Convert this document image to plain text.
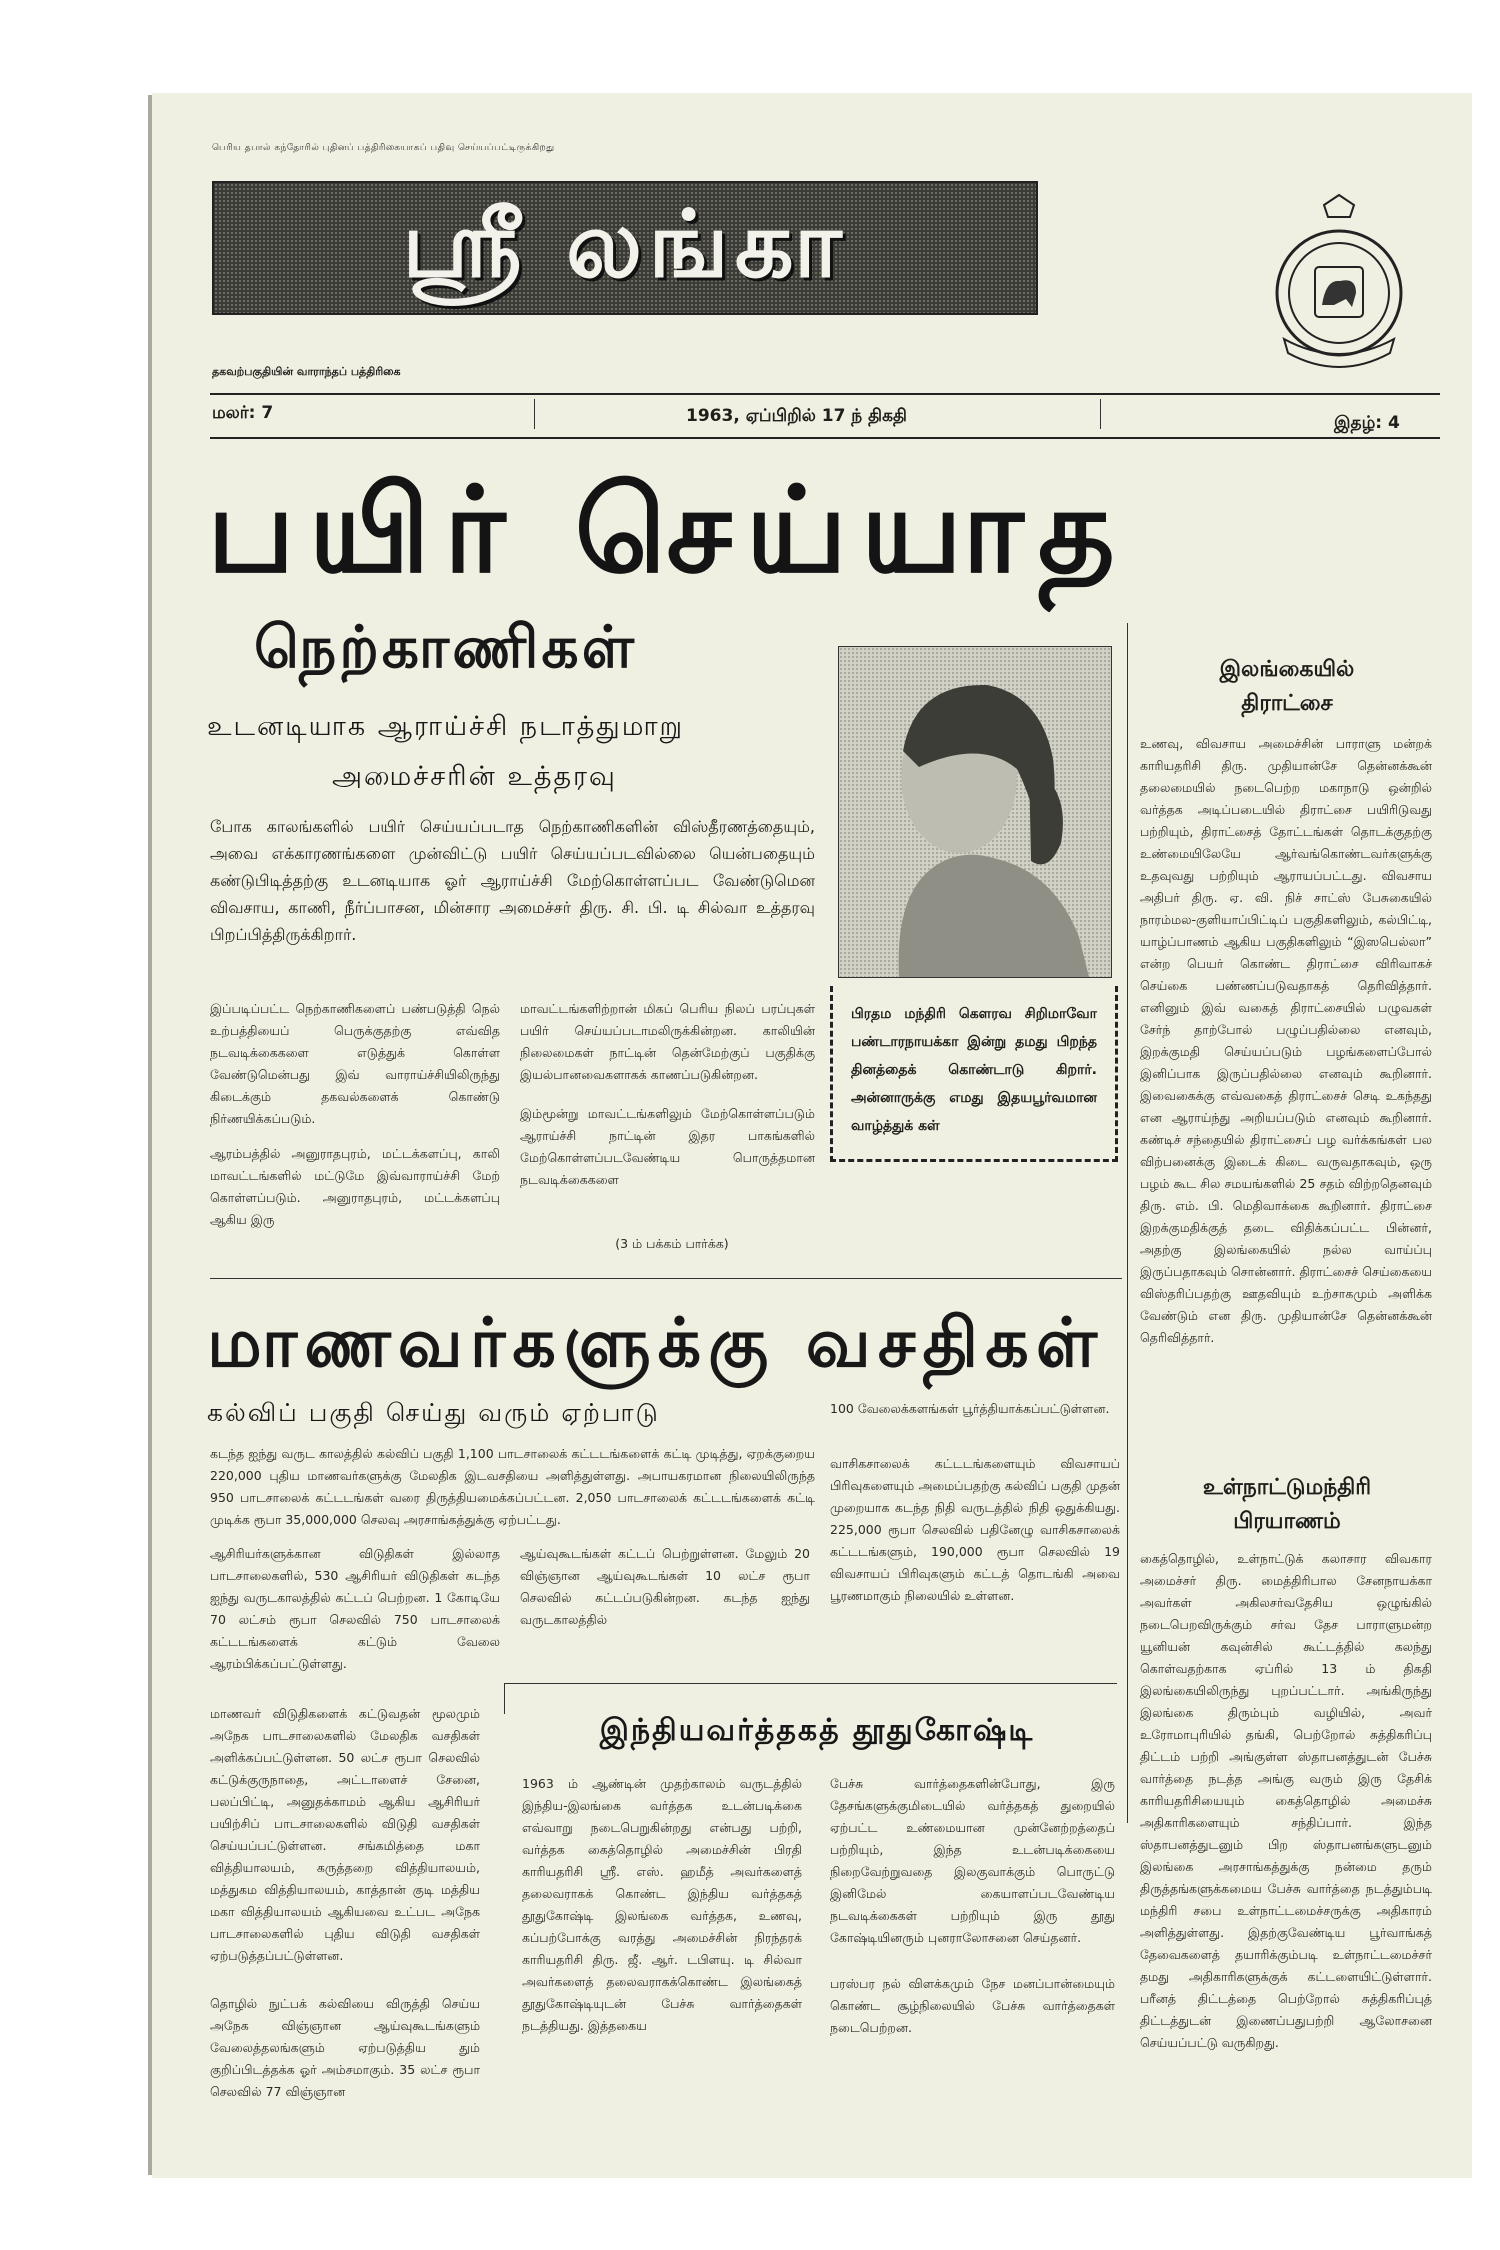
பெரிய தபால் கந்தோரில் புதினப் பத்திரிகையாகப் பதிவு செய்யப்பட்டிருக்கிறது
ஸ்ரீ லங்கா
தகவற்பகுதியின் வாராந்தப் பத்திரிகை
மலர்: 7	1963, ஏப்பிறில் 17 ந் திகதி	இதழ்: 4
பயிர் செய்யாத
நெற்காணிகள்
உடனடியாக ஆராய்ச்சி நடாத்துமாறு
அமைச்சரின் உத்தரவு
போக காலங்களில் பயிர் செய்யப்படாத நெற்காணிகளின் விஸ்தீரணத்தையும், அவை எக்காரணங்களை முன்விட்டு பயிர் செய்யப்படவில்லை யென்பதையும் கண்டுபிடித்தற்கு உடனடியாக ஓர் ஆராய்ச்சி மேற்கொள்ளப்பட வேண்டுமென விவசாய, காணி, நீர்ப்பாசன, மின்சார அமைச்சர் திரு. சி. பி. டி சில்வா உத்தரவு பிறப்பித்திருக்கிறார்.
இப்படிப்பட்ட நெற்காணிகளைப் பண்படுத்தி நெல் உற்பத்தியைப் பெருக்குதற்கு எவ்வித நடவடிக்கைகளை எடுத்துக் கொள்ள வேண்டுமென்பது இவ் வாராய்ச்சியிலிருந்து கிடைக்கும் தகவல்களைக் கொண்டு நிர்ணயிக்கப்படும்.
ஆரம்பத்தில் அனுராதபுரம், மட்டக்களப்பு, காலி மாவட்டங்களில் மட்டுமே இவ்வாராய்ச்சி மேற் கொள்ளப்படும். அனுராதபுரம், மட்டக்களப்பு ஆகிய இரு
மாவட்டங்களிற்றான் மிகப் பெரிய நிலப் பரப்புகள் பயிர் செய்யப்படாமலிருக்கின்றன. காலியின் நிலைமைகள் நாட்டின் தென்மேற்குப் பகுதிக்கு இயல்பானவைகளாகக் காணப்படுகின்றன.
இம்மூன்று மாவட்டங்களிலும் மேற்கொள்ளப்படும் ஆராய்ச்சி நாட்டின் இதர பாகங்களில் மேற்கொள்ளப்படவேண்டிய பொருத்தமான நடவடிக்கைகளை
(3 ம் பக்கம் பார்க்க)
பிரதம மந்திரி கௌரவ சிறிமாவோ பண்டாரநாயக்கா இன்று தமது பிறந்த தினத்தைக் கொண்டாடு கிறார். அன்னாருக்கு எமது இதயபூர்வமான வாழ்த்துக் கள்
இலங்கையில்
திராட்சை
உணவு, விவசாய அமைச்சின் பாராளு மன்றக் காரியதரிசி திரு. முதியான்சே தென்னக்கூன் தலைமையில் நடைபெற்ற மகாநாடு ஒன்றில் வர்த்தக அடிப்படையில் திராட்சை பயிரிடுவது பற்றியும், திராட்சைத் தோட்டங்கள் தொடக்குதற்கு உண்மையிலேயே ஆர்வங்கொண்டவர்களுக்கு உதவுவது பற்றியும் ஆராயப்பட்டது. விவசாய அதிபர் திரு. ஏ. வி. நிச் சாட்ஸ் பேசுகையில் நாரம்மல-குளியாப்பிட்டிப் பகுதிகளிலும், கல்பிட்டி, யாழ்ப்பாணம் ஆகிய பகுதிகளிலும் “இஸபெல்லா” என்ற பெயர் கொண்ட திராட்சை விரிவாகச் செய்கை பண்ணப்படுவதாகத் தெரிவித்தார். எனினும் இவ் வகைத் திராட்சையில் பழுவகள் சேர்ந் தாற்போல் பழுப்பதில்லை எனவும், இறக்குமதி செய்யப்படும் பழங்களைப்போல் இனிப்பாக இருப்பதில்லை எனவும் கூறினார். இவைகைக்கு எவ்வகைத் திராட்சைச் செடி உகந்தது என ஆராய்ந்து அறியப்படும் எனவும் கூறினார். கண்டிச் சந்தையில் திராட்சைப் பழ வர்க்கங்கள் பல விற்பனைக்கு இடைக் கிடை வருவதாகவும், ஒரு பழம் கூட சில சமயங்களில் 25 சதம் விற்றதெனவும் திரு. எம். பி. மெதிவாக்கை கூறினார். திராட்சை இறக்குமதிக்குத் தடை விதிக்கப்பட்ட பின்னர், அதற்கு இலங்கையில் நல்ல வாய்ப்பு இருப்பதாகவும் சொன்னார். திராட்சைச் செய்கையை விஸ்தரிப்பதற்கு ஊதவியும் உற்சாகமும் அளிக்க வேண்டும் என திரு. முதியான்சே தென்னக்கூன் தெரிவித்தார்.
உள்நாட்டுமந்திரி
பிரயாணம்
கைத்தொழில், உள்நாட்டுக் கலாசார விவகார அமைச்சர் திரு. மைத்திரிபால சேனநாயக்கா அவர்கள் அகிலசர்வதேசிய ஒழுங்கில் நடைபெறவிருக்கும் சர்வ தேச பாராளுமன்ற யூனியன் கவுன்சில் கூட்டத்தில் கலந்து கொள்வதற்காக ஏப்ரில் 13 ம் திகதி இலங்கையிலிருந்து புறப்பட்டார். அங்கிருந்து இலங்கை திரும்பும் வழியில், அவர் உரோமாபுரியில் தங்கி, பெற்றோல் சுத்திகரிப்பு திட்டம் பற்றி அங்குள்ள ஸ்தாபனத்துடன் பேச்சு வார்த்தை நடத்த அங்கு வரும் இரு தேசிக் காரியதரிசியையும் கைத்தொழில் அமைச்சு அதிகாரிகளையும் சந்திப்பார். இந்த ஸ்தாபனத்துடனும் பிற ஸ்தாபனங்களுடனும் இலங்கை அரசாங்கத்துக்கு நன்மை தரும் திருத்தங்களுக்கமைய பேச்சு வார்த்தை நடத்தும்படி மந்திரி சபை உள்நாட்டமைச்சருக்கு அதிகாரம் அளித்துள்ளது. இதற்குவேண்டிய பூர்வாங்கத் தேவைகளைத் தயாரிக்கும்படி உள்நாட்டமைச்சர் தமது அதிகாரிகளுக்குக் கட்டளையிட்டுள்ளார். பரீனத் திட்டத்தை பெற்றோல் சுத்திகரிப்புத் திட்டத்துடன் இணைப்பதுபற்றி ஆலோசனை செய்யப்பட்டு வருகிறது.
மாணவர்களுக்கு வசதிகள்
கல்விப் பகுதி செய்து வரும் ஏற்பாடு
கடந்த ஐந்து வருட காலத்தில் கல்விப் பகுதி 1,100 பாடசாலைக் கட்டடங்களைக் கட்டி முடித்து, ஏறக்குறைய 220,000 புதிய மாணவர்களுக்கு மேலதிக இடவசதியை அளித்துள்ளது. அபாயகரமான நிலையிலிருந்த 950 பாடசாலைக் கட்டடங்கள் வரை திருத்தியமைக்கப்பட்டன. 2,050 பாடசாலைக் கட்டடங்களைக் கட்டி முடிக்க ரூபா 35,000,000 செலவு அரசாங்கத்துக்கு ஏற்பட்டது.
ஆசிரியர்களுக்கான விடுதிகள் இல்லாத பாடசாலைகளில், 530 ஆசிரியர் விடுதிகள் கடந்த ஐந்து வருடகாலத்தில் கட்டப் பெற்றன. 1 கோடியே 70 லட்சம் ரூபா செலவில் 750 பாடசாலைக் கட்டடங்களைக் கட்டும் வேலை ஆரம்பிக்கப்பட்டுள்ளது.
ஆய்வுகூடங்கள் கட்டப் பெற்றுள்ளன. மேலும் 20 விஞ்ஞான ஆய்வுகூடங்கள் 10 லட்ச ரூபா செலவில் கட்டப்படுகின்றன. கடந்த ஐந்து வருடகாலத்தில்
100 வேலைக்களங்கள் பூர்த்தியாக்கப்பட்டுள்ளன.
வாசிகசாலைக் கட்டடங்களையும் விவசாயப் பிரிவுகளையும் அமைப்பதற்கு கல்விப் பகுதி முதன் முறையாக கடந்த நிதி வருடத்தில் நிதி ஒதுக்கியது. 225,000 ரூபா செலவில் பதினேழு வாசிகசாலைக் கட்டடங்களும், 190,000 ரூபா செலவில் 19 விவசாயப் பிரிவுகளும் கட்டத் தொடங்கி அவை பூரணமாகும் நிலையில் உள்ளன.
மாணவர் விடுதிகளைக் கட்டுவதன் மூலமும் அநேக பாடசாலைகளில் மேலதிக வசதிகள் அளிக்கப்பட்டுள்ளன. 50 லட்ச ரூபா செலவில் கட்டுக்குருநாதை, அட்டாளைச் சேனை, பலப்பிட்டி, அனுதக்காமம் ஆகிய ஆசிரியர் பயிற்சிப் பாடசாலைகளில் விடுதி வசதிகள் செய்யப்பட்டுள்ளன. சங்கமித்தை மகா வித்தியாலயம், கருத்தறை வித்தியாலயம், மத்துகம வித்தியாலயம், காத்தான் குடி மத்திய மகா வித்தியாலயம் ஆகியவை உட்பட அநேக பாடசாலைகளில் புதிய விடுதி வசதிகள் ஏற்படுத்தப்பட்டுள்ளன.
தொழில் நுட்பக் கல்வியை விருத்தி செய்ய அநேக விஞ்ஞான ஆய்வுகூடங்களும் வேலைத்தலங்களும் ஏற்படுத்திய தும் குறிப்பிடத்தக்க ஓர் அம்சமாகும். 35 லட்ச ரூபா செலவில் 77 விஞ்ஞான
இந்தியவர்த்தகத் தூதுகோஷ்டி
1963 ம் ஆண்டின் முதற்காலம் வருடத்தில் இந்திய-இலங்கை வர்த்தக உடன்படிக்கை எவ்வாறு நடைபெறுகின்றது என்பது பற்றி, வர்த்தக கைத்தொழில் அமைச்சின் பிரதி காரியதரிசி ஸ்ரீ. எஸ். ஹமீத் அவர்களைத் தலைவராகக் கொண்ட இந்திய வர்த்தகத் தூதுகோஷ்டி இலங்கை வர்த்தக, உணவு, கப்பற்போக்கு வரத்து அமைச்சின் நிரந்தரக் காரியதரிசி திரு. ஜீ. ஆர். டபிளயு. டி சில்வா அவர்களைத் தலைவராகக்கொண்ட இலங்கைத் தூதுகோஷ்டியுடன் பேச்சு வார்த்தைகள் நடத்தியது. இத்தகைய
பேச்சு வார்த்தைகளின்போது, இரு தேசங்களுக்குமிடையில் வர்த்தகத் துறையில் ஏற்பட்ட உண்மையான முன்னேற்றத்தைப் பற்றியும், இந்த உடன்படிக்கையை நிறைவேற்றுவதை இலகுவாக்கும் பொருட்டு இனிமேல் கையாளப்படவேண்டிய நடவடிக்கைகள் பற்றியும் இரு தூது கோஷ்டியினரும் புனராலோசனை செய்தனர்.
பரஸ்பர நல் விளக்கமும் நேச மனப்பான்மையும் கொண்ட சூழ்நிலையில் பேச்சு வார்த்தைகள் நடைபெற்றன.
